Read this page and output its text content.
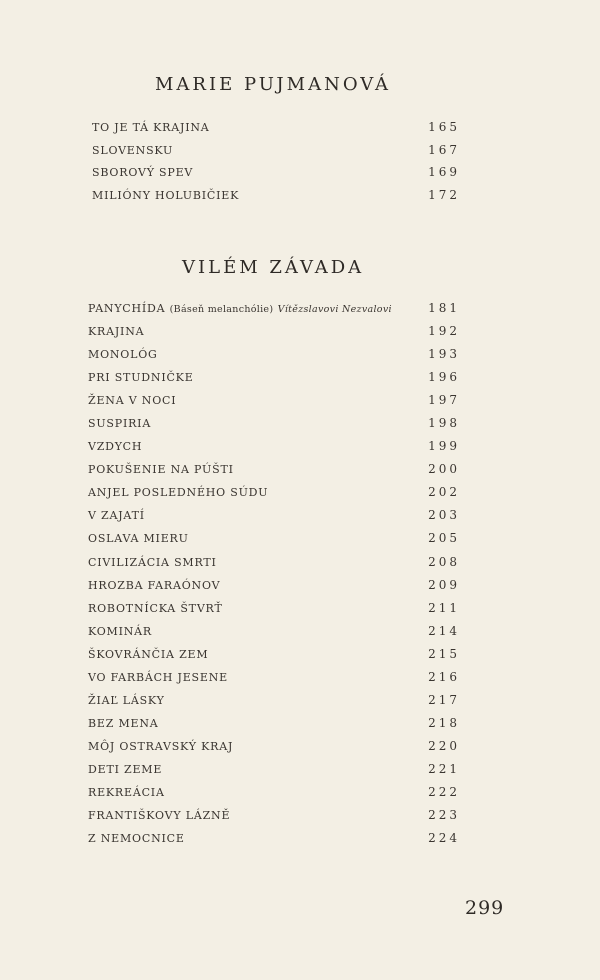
MARIE PUJMANOVÁ
TO JE TÁ KRAJINA	165
SLOVENSKU	167
SBOROVÝ SPEV	169
MILIÓNY HOLUBIČIEK	172
VILÉM ZÁVADA
PANYCHÍDA (Báseň melanchólie) Vítězslavovi Nezvalovi	181
KRAJINA	192
MONOLÓG	193
PRI STUDNIČKE	196
ŽENA V NOCI	197
SUSPIRIA	198
VZDYCH	199
POKUŠENIE NA PÚŠTI	200
ANJEL POSLEDNÉHO SÚDU	202
V ZAJATÍ	203
OSLAVA MIERU	205
CIVILIZÁCIA SMRTI	208
HROZBA FARAÓNOV	209
ROBOTNÍCKA ŠTVRŤ	211
KOMINÁR	214
ŠKOVRÁNČIA ZEM	215
VO FARBÁCH JESENE	216
ŽIAĽ LÁSKY	217
BEZ MENA	218
MÔJ OSTRAVSKÝ KRAJ	220
DETI ZEME	221
REKREÁCIA	222
FRANTIŠKOVY LÁZNĚ	223
Z NEMOCNICE	224
299
